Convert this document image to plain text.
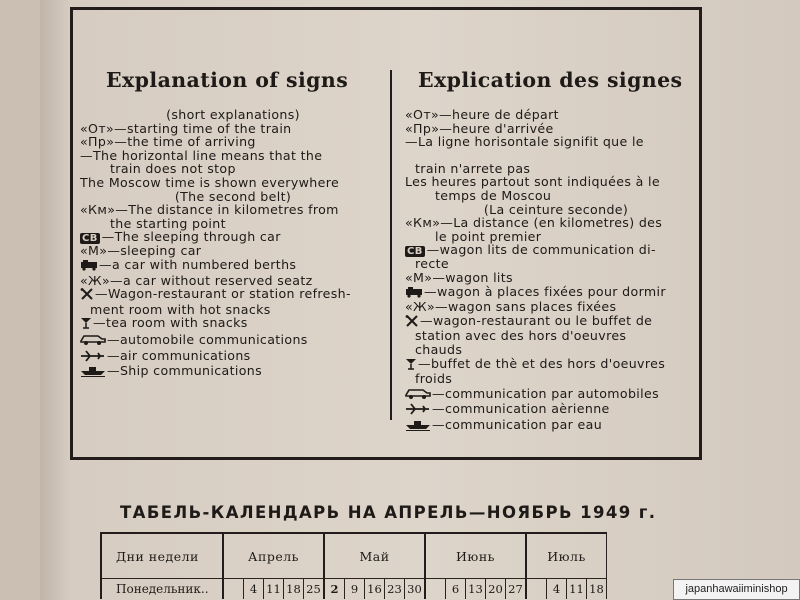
Explanation of signs
(short explanations)
«От»—starting time of the train
«Пр»—the time of arriving
—The horizontal line means that the
train does not stop
The Moscow time is shown everywhere
(The second belt)
«Км»—The distance in kilometres from
the starting point
СВ —The sleeping through car
«М»—sleeping car
—a car with numbered berths
«Ж»—a car without reserved seatz
—Wagon-restaurant or station refresh-
ment room with hot snacks
—tea room with snacks
—automobile communications
—air communications
—Ship communications
Explication des signes
«От»—heure de départ
«Пр»—heure d'arrivée
—La ligne horisontale signifit que le
train n'arrete pas
Les heures partout sont indiquées à le
temps de Moscou
(La ceinture seconde)
«Км»—La distance (en kilometres) des
le point premier
СВ —wagon lits de communication di-
recte
«М»—wagon lits
—wagon à places fixées pour dormir
«Ж»—wagon sans places fixées
—wagon-restaurant ou le buffet de
station avec des hors d'oeuvres
chauds
—buffet de thè et des hors d'oeuvres
froids
—communication par automobiles
—communication aèrienne
—communication par eau
ТАБЕЛЬ-КАЛЕНДАРЬ НА АПРЕЛЬ—НОЯБРЬ 1949 г.
Дни недели	Апрель					Май					Июнь					Июль			
Понедельник..		4	11	18	25	2	9	16	23	30		6	13	20	27		4	11	18	japanhawaiiminishop
